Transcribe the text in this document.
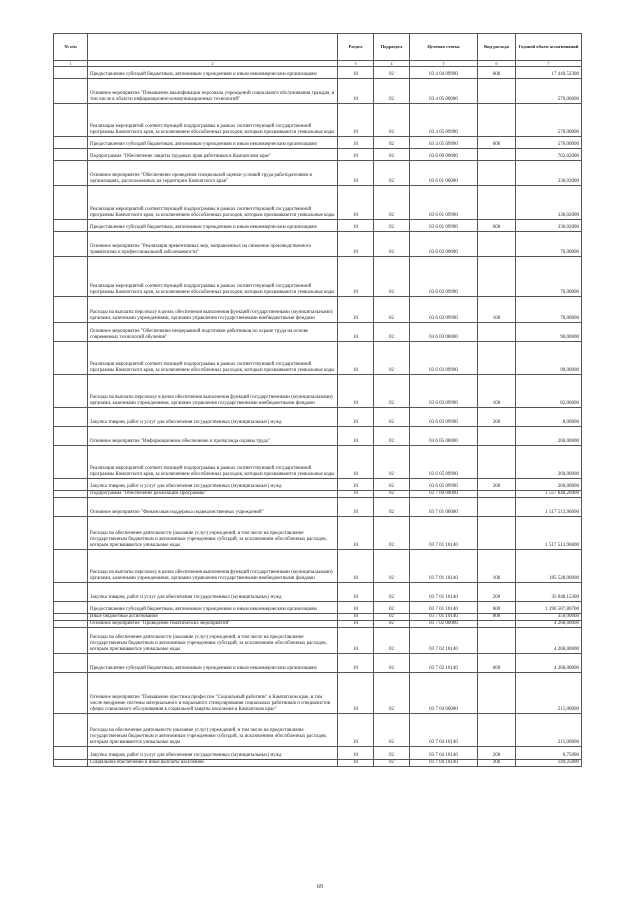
№ п/п		Раздел	Подраздел	Целевая статья	Вид расхода	Годовой объем ассигнований
1	2	3	4	5	6	7
	Предоставление субсидий бюджетным, автономным учреждениям и иным некоммерческим организациям	10	02	03 4 04 09990	600	17 449,52300
	Основное мероприятие "Повышение квалификации персонала учреждений социального обслуживания граждан, в том числе в области информационно-коммуникационных технологий"	10	02	03 4 05 00000		570,00000
	Реализация мероприятий соответствующей подпрограммы в рамках соответствующей государственной программы Камчатского края, за исключением обособленных расходов, которым присваиваются уникальные коды	10	02	03 4 05 09990		570,00000
	Предоставление субсидий бюджетным, автономным учреждениям и иным некоммерческим организациям	10	02	03 4 05 09990	600	570,00000
	Подпрограмма "Обеспечение защиты трудовых прав работников в Камчатском крае"	10	02	03 6 00 00000		762,02000
	Основное мероприятие "Обеспечение проведения специальной оценки условий труда работодателями в организациях, расположенных на территории Камчатского края"	10	02	03 6 01 00000		336,02000
	Реализация мероприятий соответствующей подпрограммы в рамках соответствующей государственной программы Камчатского края, за исключением обособленных расходов, которым присваиваются уникальные коды	10	02	03 6 01 09990		336,02000
	Предоставление субсидий бюджетным, автономным учреждениям и иным некоммерческим организациям	10	02	03 6 01 09990	600	336,02000
	Основное мероприятие "Реализация превентивных мер, направленных на снижение производственного травматизма и профессиональной заболеваемости"	10	02	03 6 02 00000		76,00000
	Реализация мероприятий соответствующей подпрограммы в рамках соответствующей государственной программы Камчатского края, за исключением обособленных расходов, которым присваиваются уникальные коды	10	02	03 6 02 09990		76,00000
	Расходы на выплаты персоналу в целях обеспечения выполнения функций государственными (муниципальными) органами, казенными учреждениями, органами управления государственными внебюджетными фондами	10	02	03 6 02 09990	100	76,00000
	Основное мероприятие "Обеспечение непрерывной подготовки работников по охране труда на основе современных технологий обучения"	10	02	03 6 03 00000		90,00000
	Реализация мероприятий соответствующей подпрограммы в рамках соответствующей государственной программы Камчатского края, за исключением обособленных расходов, которым присваиваются уникальные коды	10	02	03 6 03 09990		90,00000
	Расходы на выплаты персоналу в целях обеспечения выполнения функций государственными (муниципальными) органами, казенными учреждениями, органами управления государственными внебюджетными фондами	10	02	03 6 03 09990	100	82,00000
	Закупка товаров, работ и услуг для обеспечения государственных (муниципальных) нужд	10	02	03 6 03 09990	200	8,00000
	Основное мероприятие "Информационное обеспечение и пропаганда охраны труда"	10	02	03 6 05 00000		260,00000
	Реализация мероприятий соответствующей подпрограммы в рамках соответствующей государственной программы Камчатского края, за исключением обособленных расходов, которым присваиваются уникальные коды	10	02	03 6 05 09990		260,00000
	Закупка товаров, работ и услуг для обеспечения государственных (муниципальных) нужд	10	02	03 6 05 09990	200	260,00000
	Подпрограмма "Обеспечение реализации Программы"	10	02	03 7 00 00000		1 557 848,26000
	Основное мероприятие "Финансовая поддержка подведомственных учреждений"	10	02	03 7 01 00000		1 517 513,96000
	Расходы на обеспечение деятельности (оказание услуг) учреждений, в том числе на предоставление государственным бюджетным и автономным учреждениям субсидий, за исключением обособленных расходов, которым присваиваются уникальные коды	10	02	03 7 01 10140		1 517 513,96000
	Расходы на выплаты персоналу в целях обеспечения выполнения функций государственными (муниципальными) органами, казенными учреждениями, органами управления государственными внебюджетными фондами	10	02	03 7 01 10140	100	185 528,00000
	Закупка товаров, работ и услуг для обеспечения государственных (муниципальных) нужд	10	02	03 7 01 10140	200	35 048,15300
	Предоставление субсидий бюджетным, автономным учреждениям и иным некоммерческим организациям	10	02	03 7 01 10140	600	1 296 587,80700
	Иные бюджетные ассигнования	10	02	03 7 01 10140	800	350,00000
	Основное мероприятие "Проведение тематических мероприятий"	10	02	03 7 02 00000		4 268,00000
	Расходы на обеспечение деятельности (оказание услуг) учреждений, в том числе на предоставление государственным бюджетным и автономным учреждениям субсидий, за исключением обособленных расходов, которым присваиваются уникальные коды	10	02	03 7 02 10140		4 268,00000
	Предоставление субсидий бюджетным, автономным учреждениям и иным некоммерческим организациям	10	02	03 7 02 10140	600	4 268,00000
	Основное мероприятие "Повышение престижа профессии "Социальный работник" в Камчатском крае, в том числе внедрение системы материального и морального стимулирования социальных работников и специалистов сферы социального обслуживания в социальной защиты населения в Камчатском крае"	10	02	03 7 04 00000		215,00000
	Расходы на обеспечение деятельности (оказание услуг) учреждений, в том числе на предоставление государственным бюджетным и автономным учреждениям субсидий, за исключением обособленных расходов, которым присваиваются уникальные коды	10	02	03 7 04 10140		215,00000
	Закупка товаров, работ и услуг для обеспечения государственных (муниципальных) нужд	10	02	03 7 04 10140	200	0,75000
	Социальное обеспечение и иные выплаты населению	10	02	03 7 04 10140	300	149,25000
69
